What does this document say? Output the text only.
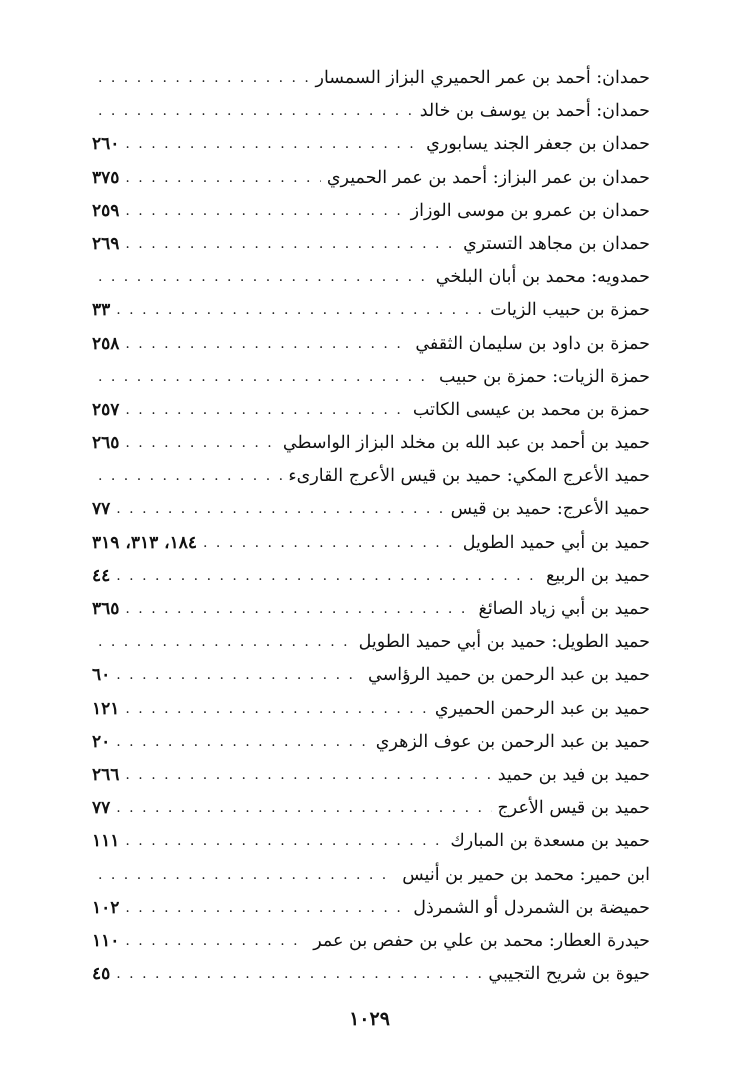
حمدان: أحمد بن عمر الحميري البزاز السمسار
. . .
حمدان: أحمد بن يوسف بن خالد
. . .
حمدان بن جعفر الجند يسابوري
. . .
٢٦٠
حمدان بن عمر البزاز: أحمد بن عمر الحميري
. . .
٣٧٥
حمدان بن عمرو بن موسى الوزاز
. . .
٢٥٩
حمدان بن مجاهد التستري
. . .
٢٦٩
حمدويه: محمد بن أبان البلخي
. . .
حمزة بن حبيب الزيات
. . .
٣٣
حمزة بن داود بن سليمان الثقفي
. . .
٢٥٨
حمزة الزيات: حمزة بن حبيب
. . .
حمزة بن محمد بن عيسى الكاتب
. . .
٢٥٧
حميد بن أحمد بن عبد الله بن مخلد البزاز الواسطي
. . .
٢٦٥
حميد الأعرج المكي: حميد بن قيس الأعرج القارىء
. . .
حميد الأعرج: حميد بن قيس
. . .
٧٧
حميد بن أبي حميد الطويل
. . .
١٨٤، ٣١٣، ٣١٩
حميد بن الربيع
. . .
٤٤
حميد بن أبي زياد الصائغ
. . .
٣٦٥
حميد الطويل: حميد بن أبي حميد الطويل
. . .
حميد بن عبد الرحمن بن حميد الرؤاسي
. . .
٦٠
حميد بن عبد الرحمن الحميري
. . .
١٢١
حميد بن عبد الرحمن بن عوف الزهري
. . .
٢٠
حميد بن فيد بن حميد
. . .
٢٦٦
حميد بن قيس الأعرج
. . .
٧٧
حميد بن مسعدة بن المبارك
. . .
١١١
ابن حمير: محمد بن حمير بن أنيس
. . .
حميضة بن الشمردل أو الشمرذل
. . .
١٠٢
حيدرة العطار: محمد بن علي بن حفص بن عمر
. . .
١١٠
حيوة بن شريح التجيبي
. . .
٤٥
١٠٢٩
